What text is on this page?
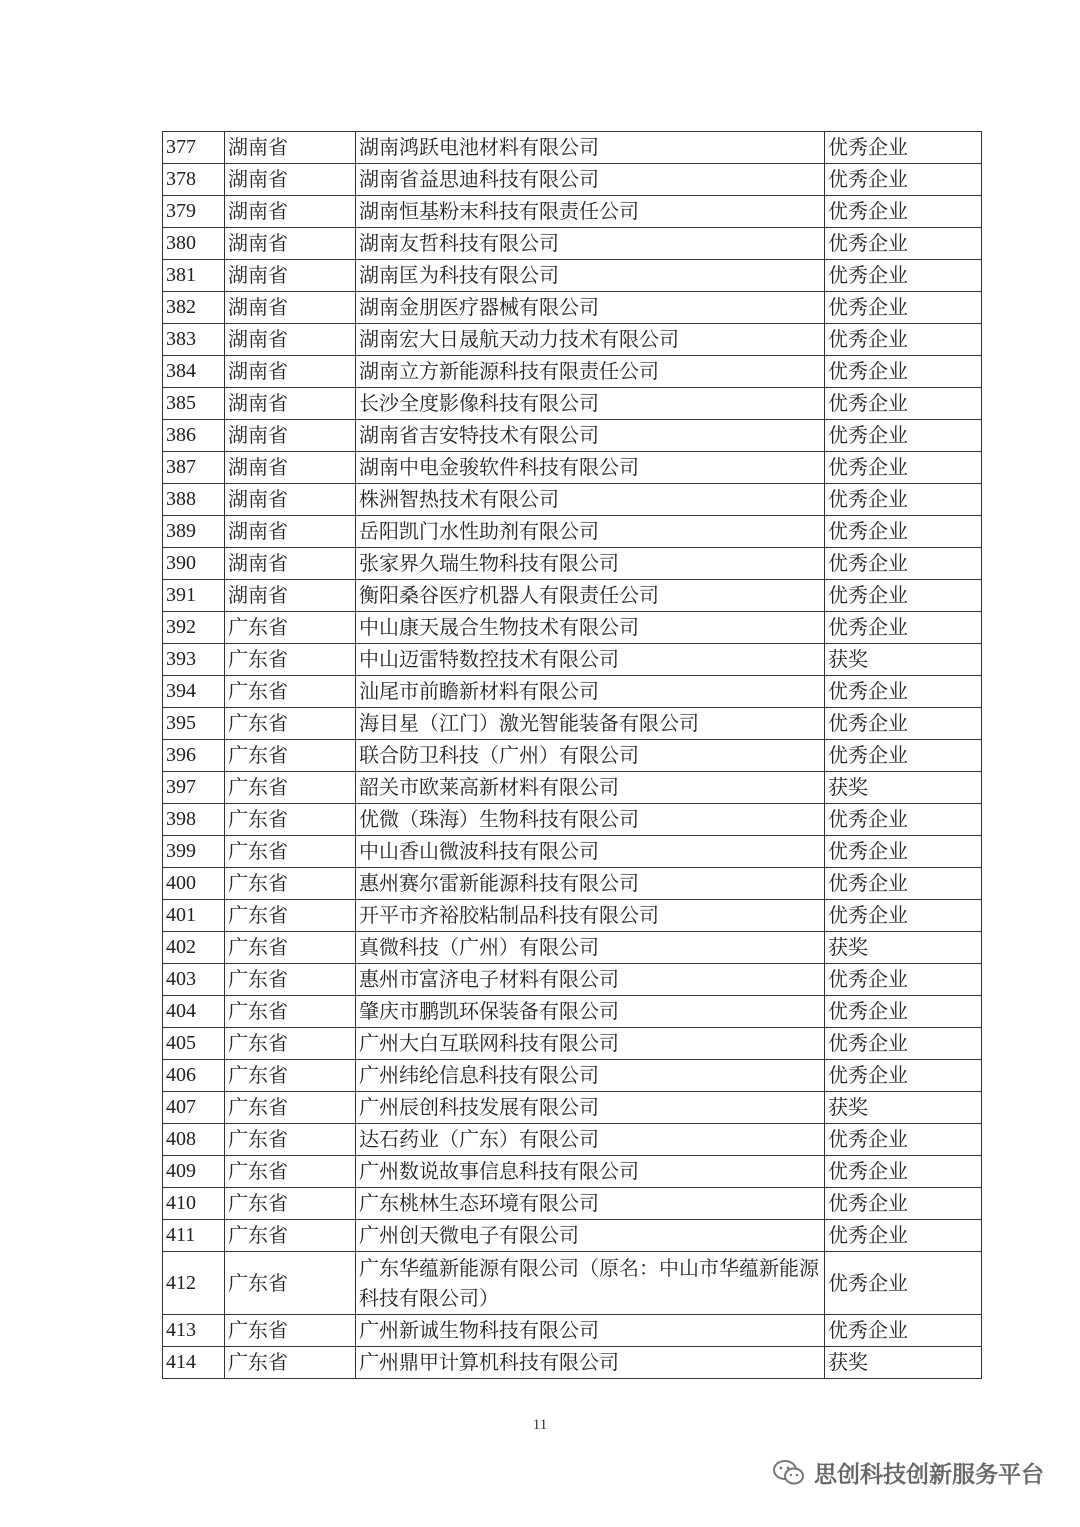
377	湖南省	湖南鸿跃电池材料有限公司	优秀企业
378	湖南省	湖南省益思迪科技有限公司	优秀企业
379	湖南省	湖南恒基粉末科技有限责任公司	优秀企业
380	湖南省	湖南友哲科技有限公司	优秀企业
381	湖南省	湖南匡为科技有限公司	优秀企业
382	湖南省	湖南金朋医疗器械有限公司	优秀企业
383	湖南省	湖南宏大日晟航天动力技术有限公司	优秀企业
384	湖南省	湖南立方新能源科技有限责任公司	优秀企业
385	湖南省	长沙全度影像科技有限公司	优秀企业
386	湖南省	湖南省吉安特技术有限公司	优秀企业
387	湖南省	湖南中电金骏软件科技有限公司	优秀企业
388	湖南省	株洲智热技术有限公司	优秀企业
389	湖南省	岳阳凯门水性助剂有限公司	优秀企业
390	湖南省	张家界久瑞生物科技有限公司	优秀企业
391	湖南省	衡阳桑谷医疗机器人有限责任公司	优秀企业
392	广东省	中山康天晟合生物技术有限公司	优秀企业
393	广东省	中山迈雷特数控技术有限公司	获奖
394	广东省	汕尾市前瞻新材料有限公司	优秀企业
395	广东省	海目星（江门）激光智能装备有限公司	优秀企业
396	广东省	联合防卫科技（广州）有限公司	优秀企业
397	广东省	韶关市欧莱高新材料有限公司	获奖
398	广东省	优微（珠海）生物科技有限公司	优秀企业
399	广东省	中山香山微波科技有限公司	优秀企业
400	广东省	惠州赛尔雷新能源科技有限公司	优秀企业
401	广东省	开平市齐裕胶粘制品科技有限公司	优秀企业
402	广东省	真微科技（广州）有限公司	获奖
403	广东省	惠州市富济电子材料有限公司	优秀企业
404	广东省	肇庆市鹏凯环保装备有限公司	优秀企业
405	广东省	广州大白互联网科技有限公司	优秀企业
406	广东省	广州纬纶信息科技有限公司	优秀企业
407	广东省	广州辰创科技发展有限公司	获奖
408	广东省	达石药业（广东）有限公司	优秀企业
409	广东省	广州数说故事信息科技有限公司	优秀企业
410	广东省	广东桃林生态环境有限公司	优秀企业
411	广东省	广州创天微电子有限公司	优秀企业
412	广东省	广东华蕴新能源有限公司（原名：中山市华蕴新能源科技有限公司）	优秀企业
413	广东省	广州新诚生物科技有限公司	优秀企业
414	广东省	广州鼎甲计算机科技有限公司	获奖
11
思创科技创新服务平台
